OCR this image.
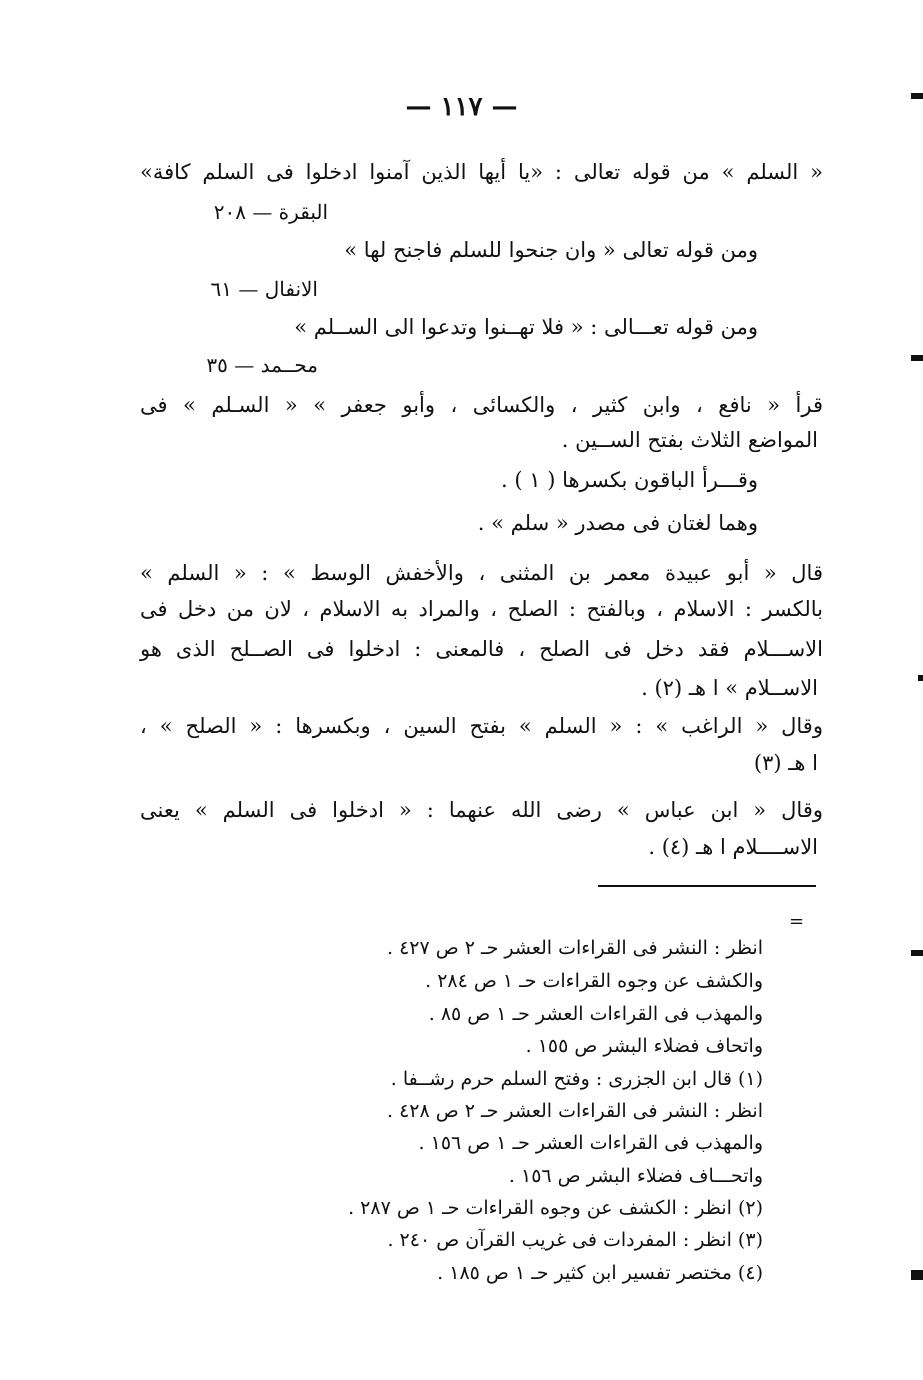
— ١١٧ —
« السلم » من قوله تعالى : «يا أيها الذين آمنوا ادخلوا فى السلم كافة»
البقرة — ٢٠٨
ومن قوله تعالى « وان جنحوا للسلم فاجنح لها »
الانفال — ٦١
ومن قوله تعـــالى : « فلا تهــنوا وتدعوا الى الســلم »
محــمد — ٣٥
قرأ « نافع ، وابن كثير ، والكسائى ، وأبو جعفر » « السـلم » فى
المواضع الثلاث بفتح الســين .
وقـــرأ الباقون بكسرها ( ١ ) .
وهما لغتان فى مصدر « سلم » .
قال « أبو عبيدة معمر بن المثنى ، والأخفش الوسط » : « السلم »
بالكسر : الاسلام ، وبالفتح : الصلح ، والمراد به الاسلام ، لان من دخل فى
الاســـلام فقد دخل فى الصلح ، فالمعنى : ادخلوا فى الصــلح الذى هو
الاســلام » ا هـ (٢) .
وقال « الراغب » : « السلم » بفتح السين ، وبكسرها : « الصلح » ،
ا هـ (٣)
وقال « ابن عباس » رضى الله عنهما : « ادخلوا فى السلم » يعنى
الاســــلام ا هـ (٤) .
=
انظر : النشر فى القراءات العشر حـ ٢ ص ٤٢٧ .
والكشف عن وجوه القراءات حـ ١ ص ٢٨٤ .
والمهذب فى القراءات العشر حـ ١ ص ٨٥ .
واتحاف فضلاء البشر ص ١٥٥ .
(١) قال ابن الجزرى : وفتح السلم حرم رشــفا .
انظر : النشر فى القراءات العشر حـ ٢ ص ٤٢٨ .
والمهذب فى القراءات العشر حـ ١ ص ١٥٦ .
واتحـــاف فضلاء البشر ص ١٥٦ .
(٢) انظر : الكشف عن وجوه القراءات حـ ١ ص ٢٨٧ .
(٣) انظر : المفردات فى غريب القرآن ص ٢٤٠ .
(٤) مختصر تفسير ابن كثير حـ ١ ص ١٨٥ .
